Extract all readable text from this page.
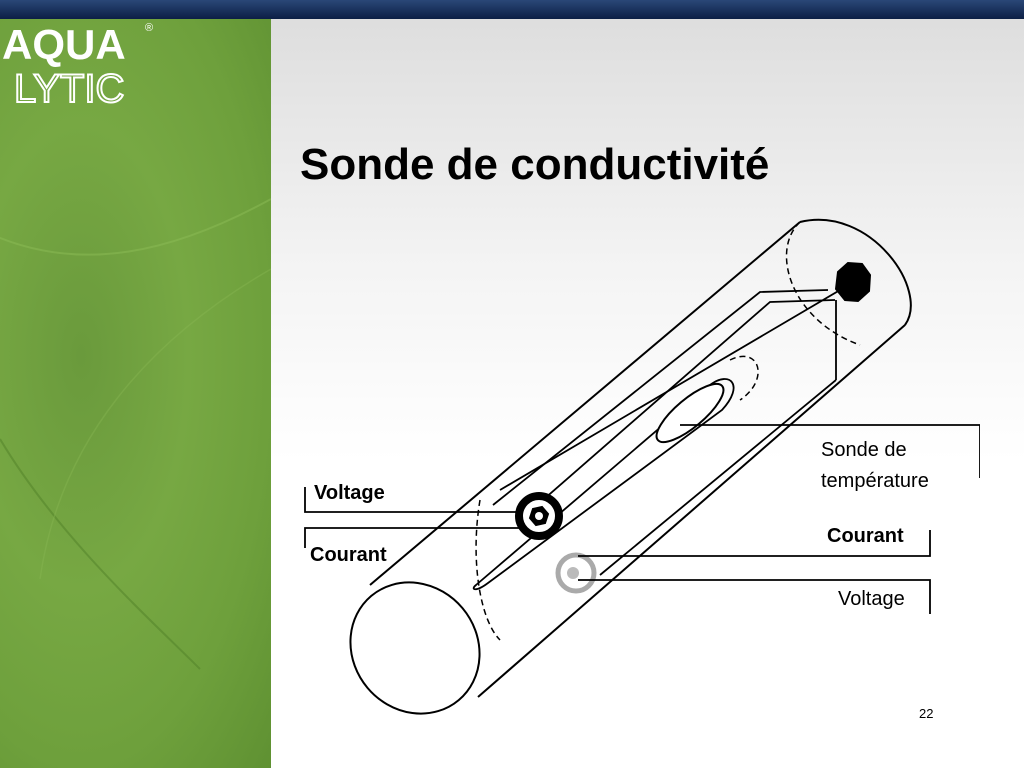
AQUA ®
LYTIC
Sonde de conductivité
Voltage
Courant
Sonde de
température
Courant
Voltage
22
